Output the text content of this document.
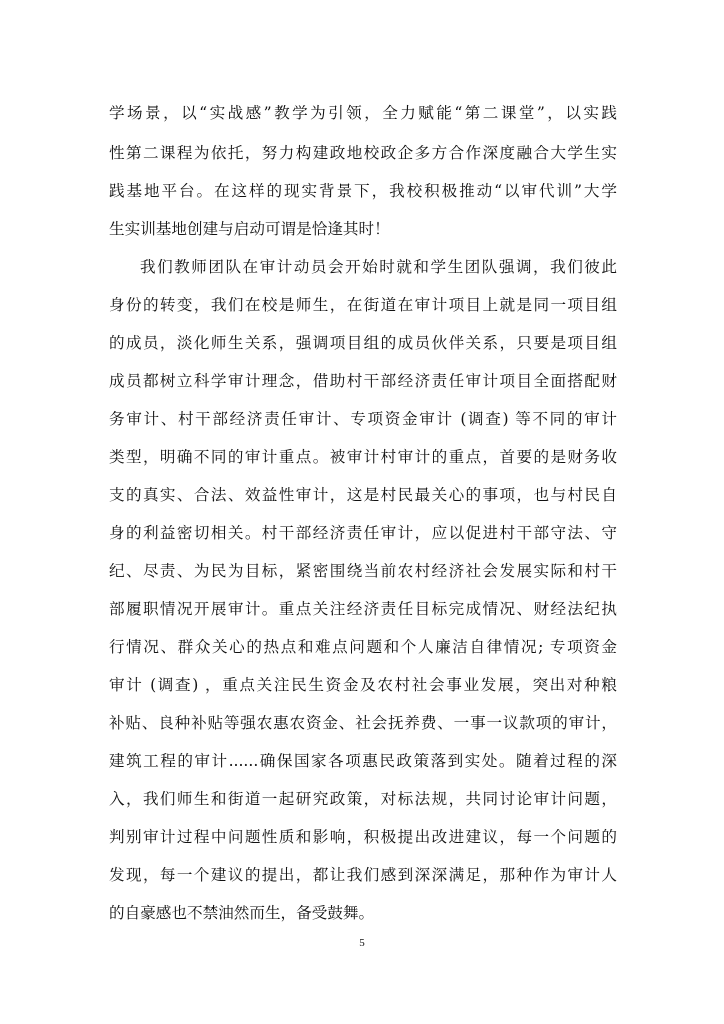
学场景，以“实战感”教学为引领，全力赋能“第二课堂”，以实践
性第二课程为依托，努力构建政地校政企多方合作深度融合大学生实
践基地平台。在这样的现实背景下，我校积极推动“以审代训”大学
生实训基地创建与启动可谓是恰逢其时！
我们教师团队在审计动员会开始时就和学生团队强调，我们彼此
身份的转变，我们在校是师生，在街道在审计项目上就是同一项目组
的成员，淡化师生关系，强调项目组的成员伙伴关系，只要是项目组
成员都树立科学审计理念，借助村干部经济责任审计项目全面搭配财
务审计、村干部经济责任审计、专项资金审计 (调查) 等不同的审计
类型，明确不同的审计重点。被审计村审计的重点，首要的是财务收
支的真实、合法、效益性审计，这是村民最关心的事项，也与村民自
身的利益密切相关。村干部经济责任审计，应以促进村干部守法、守
纪、尽责、为民为目标，紧密围绕当前农村经济社会发展实际和村干
部履职情况开展审计。重点关注经济责任目标完成情况、财经法纪执
行情况、群众关心的热点和难点问题和个人廉洁自律情况; 专项资金
审计 (调查) ，重点关注民生资金及农村社会事业发展，突出对种粮
补贴、良种补贴等强农惠农资金、社会抚养费、一事一议款项的审计，
建筑工程的审计......确保国家各项惠民政策落到实处。随着过程的深
入，我们师生和街道一起研究政策，对标法规，共同讨论审计问题，
判别审计过程中问题性质和影响，积极提出改进建议，每一个问题的
发现，每一个建议的提出，都让我们感到深深满足，那种作为审计人
的自豪感也不禁油然而生，备受鼓舞。
5
